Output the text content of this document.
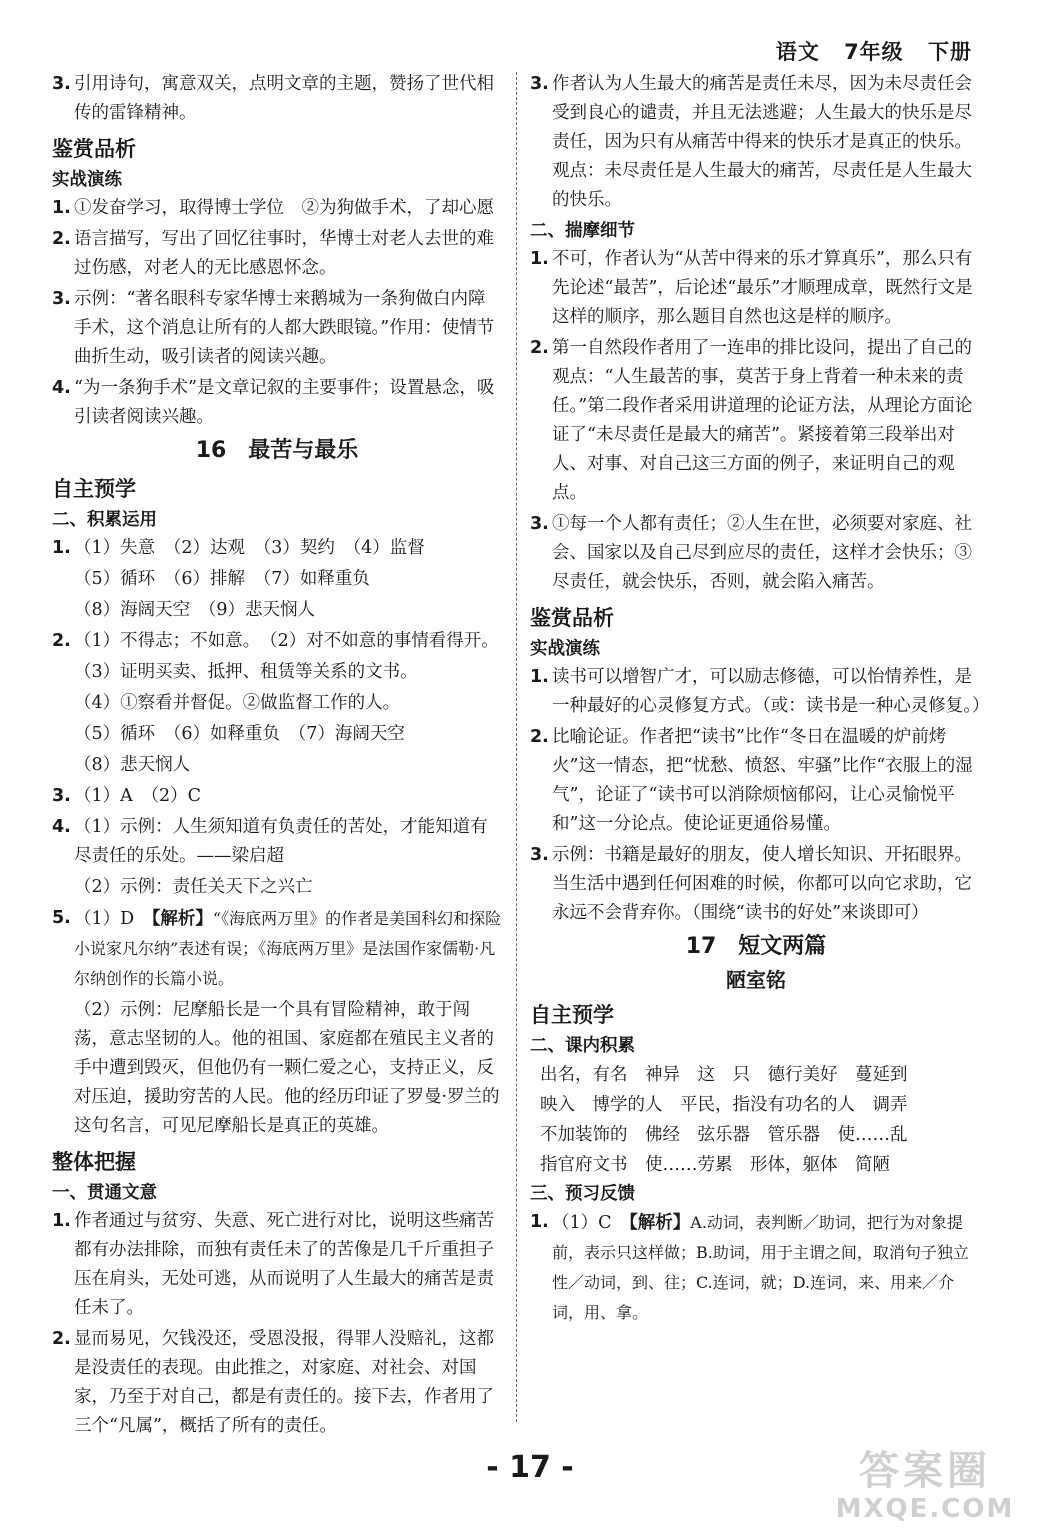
语文 7年级 下册
3. 引用诗句，寓意双关，点明文章的主题，赞扬了世代相传的雷锋精神。
鉴赏品析
实战演练
1. ①发奋学习，取得博士学位　②为狗做手术，了却心愿
2. 语言描写，写出了回忆往事时，华博士对老人去世的难过伤感，对老人的无比感恩怀念。
3. 示例：“著名眼科专家华博士来鹅城为一条狗做白内障手术，这个消息让所有的人都大跌眼镜。”作用：使情节曲折生动，吸引读者的阅读兴趣。
4. “为一条狗手术”是文章记叙的主要事件；设置悬念，吸引读者阅读兴趣。
16　最苦与最乐
自主预学
二、积累运用
1. （1）失意　（2）达观　（3）契约　（4）监督
（5）循环　（6）排解　（7）如释重负
（8）海阔天空　（9）悲天悯人
2. （1）不得志；不如意。　（2）对不如意的事情看得开。
（3）证明买卖、抵押、租赁等关系的文书。
（4）①察看并督促。②做监督工作的人。
（5）循环　（6）如释重负　（7）海阔天空
（8）悲天悯人
3. （1）A　（2）C
4. （1）示例：人生须知道有负责任的苦处，才能知道有尽责任的乐处。——梁启超
（2）示例：责任关天下之兴亡
5. （1）D　【解析】“《海底两万里》的作者是美国科幻和探险小说家凡尔纳”表述有误；《海底两万里》是法国作家儒勒·凡尔纳创作的长篇小说。
（2）示例：尼摩船长是一个具有冒险精神，敢于闯荡，意志坚韧的人。他的祖国、家庭都在殖民主义者的手中遭到毁灭，但他仍有一颗仁爱之心，支持正义，反对压迫，援助穷苦的人民。他的经历印证了罗曼·罗兰的这句名言，可见尼摩船长是真正的英雄。
整体把握
一、贯通文意
1. 作者通过与贫穷、失意、死亡进行对比，说明这些痛苦都有办法排除，而独有责任未了的苦像是几千斤重担子压在肩头，无处可逃，从而说明了人生最大的痛苦是责任未了。
2. 显而易见，欠钱没还，受恩没报，得罪人没赔礼，这都是没责任的表现。由此推之，对家庭、对社会、对国家，乃至于对自己，都是有责任的。接下去，作者用了三个“凡属”，概括了所有的责任。
3. 作者认为人生最大的痛苦是责任未尽，因为未尽责任会受到良心的谴责，并且无法逃避；人生最大的快乐是尽责任，因为只有从痛苦中得来的快乐才是真正的快乐。观点：未尽责任是人生最大的痛苦，尽责任是人生最大的快乐。
二、揣摩细节
1. 不可，作者认为“从苦中得来的乐才算真乐”，那么只有先论述“最苦”，后论述“最乐”才顺理成章，既然行文是这样的顺序，那么题目自然也这是样的顺序。
2. 第一自然段作者用了一连串的排比设问，提出了自己的观点：“人生最苦的事，莫苦于身上背着一种未来的责任。”第二段作者采用讲道理的论证方法，从理论方面论证了“未尽责任是最大的痛苦”。紧接着第三段举出对人、对事、对自己这三方面的例子，来证明自己的观点。
3. ①每一个人都有责任；②人生在世，必须要对家庭、社会、国家以及自己尽到应尽的责任，这样才会快乐；③尽责任，就会快乐，否则，就会陷入痛苦。
鉴赏品析
实战演练
1. 读书可以增智广才，可以励志修德，可以怡情养性，是一种最好的心灵修复方式。（或：读书是一种心灵修复。）
2. 比喻论证。作者把“读书”比作“冬日在温暖的炉前烤火”这一情态，把“忧愁、愤怒、牢骚”比作“衣服上的湿气”，论证了“读书可以消除烦恼郁闷，让心灵愉悦平和”这一分论点。使论证更通俗易懂。
3. 示例：书籍是最好的朋友，使人增长知识、开拓眼界。当生活中遇到任何困难的时候，你都可以向它求助，它永远不会背弃你。（围绕“读书的好处”来谈即可）
17　短文两篇
陋室铭
自主预学
二、课内积累
出名，有名　神异　这　只　德行美好　蔓延到
映入　博学的人　平民，指没有功名的人　调弄
不加装饰的　佛经　弦乐器　管乐器　使……乱
指官府文书　使……劳累　形体，躯体　简陋
三、预习反馈
1. （1）C　【解析】A.动词，表判断／助词，把行为对象提前，表示只这样做；B.助词，用于主谓之间，取消句子独立性／动词，到、往；C.连词，就；D.连词，来、用来／介词，用、拿。
- 17 -	答案圈
MXQE.COM
